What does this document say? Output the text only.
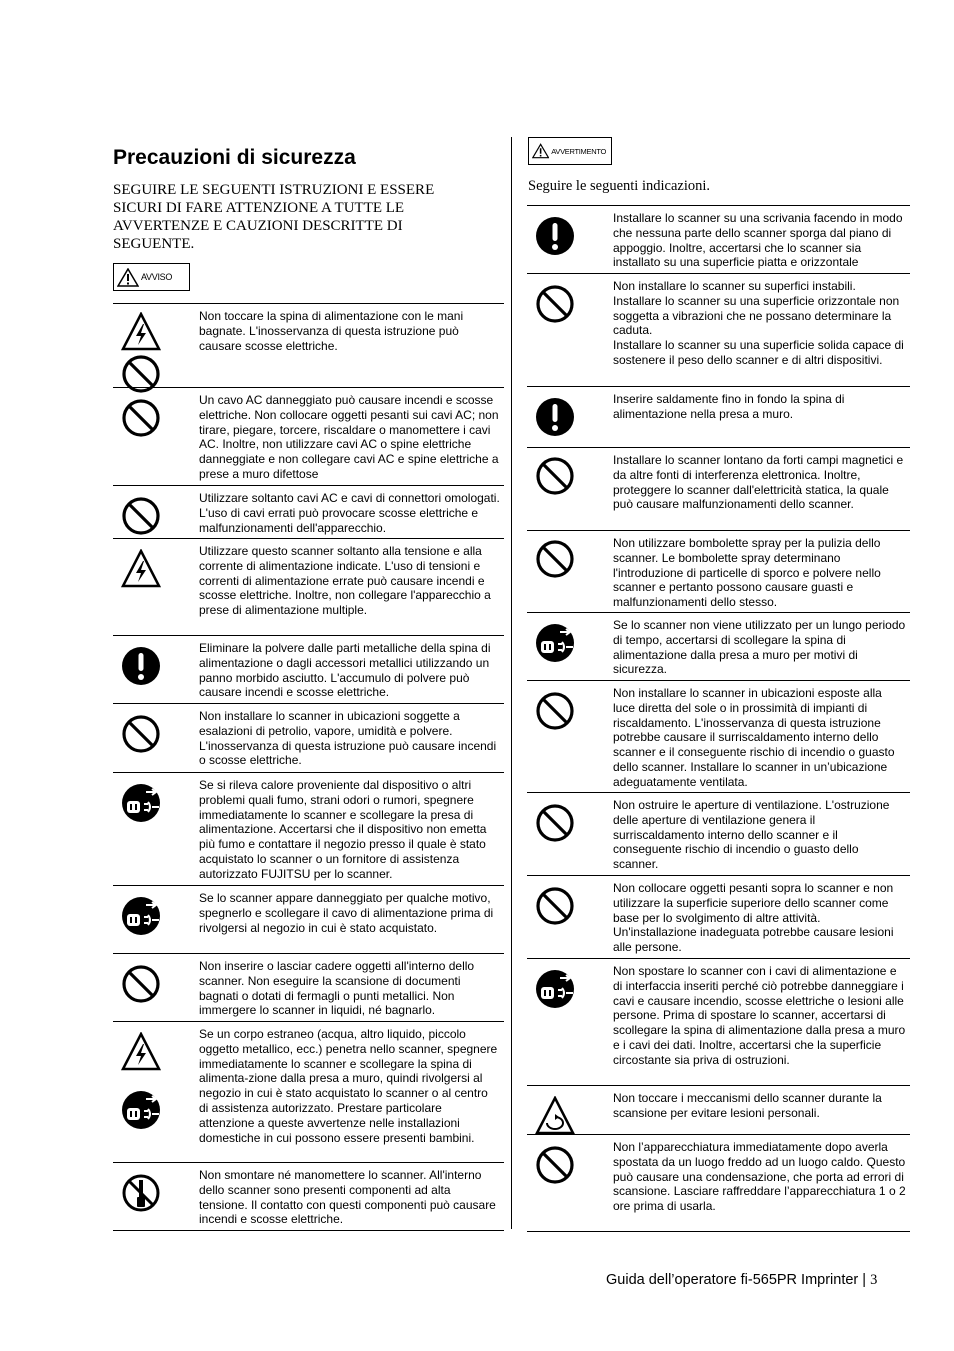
Precauzioni di sicurezza

SEGUIRE LE SEGUENTI ISTRUZIONI E ESSERE SICURI DI FARE ATTENZIONE A TUTTE LE AVVERTENZE E CAUZIONI DESCRITTE DI SEGUENTE.

AVVISO
Non toccare la spina di alimentazione con le mani bagnate. L'inosservanza di questa istruzione può causare scosse elettriche.
Un cavo AC danneggiato può causare incendi e scosse elettriche. Non collocare oggetti pesanti sui cavi AC; non tirare, piegare, torcere, riscaldare o manomettere i cavi AC. Inoltre, non utilizzare cavi AC o spine elettriche danneggiate e non collegare cavi AC e spine elettriche a prese a muro difettose
Utilizzare soltanto cavi AC e cavi di connettori omologati. L'uso di cavi errati può provocare scosse elettriche e malfunzionamenti dell'apparecchio.
Utilizzare questo scanner soltanto alla tensione e alla corrente di alimentazione indicate. L'uso di tensioni e correnti di alimentazione errate può causare incendi e scosse elettriche. Inoltre, non collegare l'apparecchio a prese di alimentazione multiple.
Eliminare la polvere dalle parti metalliche della spina di alimentazione o dagli accessori metallici utilizzando un panno morbido asciutto. L'accumulo di polvere può causare incendi e scosse elettriche.
Non installare lo scanner in ubicazioni soggette a esalazioni di petrolio, vapore, umidità e polvere. L'inosservanza di questa istruzione può causare incendi o scosse elettriche.
Se si rileva calore proveniente dal dispositivo o altri problemi quali fumo, strani odori o rumori, spegnere immediatamente lo scanner e scollegare la presa di alimentazione. Accertarsi che il dispositivo non emetta più fumo e contattare il negozio presso il quale è stato acquistato lo scanner o un fornitore di assistenza autorizzato FUJITSU per lo scanner.
Se lo scanner appare danneggiato per qualche motivo, spegnerlo e scollegare il cavo di alimentazione prima di rivolgersi al negozio in cui è stato acquistato.
Non inserire o lasciar cadere oggetti all'interno dello scanner. Non eseguire la scansione di documenti bagnati o dotati di fermagli o punti metallici. Non immergere lo scanner in liquidi, né bagnarlo.
Se un corpo estraneo (acqua, altro liquido, piccolo oggetto metallico, ecc.) penetra nello scanner, spegnere immediatamente lo scanner e scollegare la spina di alimenta-zione dalla presa a muro, quindi rivolgersi al negozio in cui è stato acquistato lo scanner o al centro di assistenza autorizzato. Prestare particolare attenzione a queste avvertenze nelle installazioni domestiche in cui possono essere presenti bambini.
Non smontare né manomettere lo scanner. All'interno dello scanner sono presenti componenti ad alta tensione. Il contatto con questi componenti può causare incendi e scosse elettriche.
AVVERTIMENTO

Seguire le seguenti indicazioni.

Installare lo scanner su una scrivania facendo in modo che nessuna parte dello scanner sporga dal piano di appoggio. Inoltre, accertarsi che lo scanner sia installato su una superficie piatta e orizzontale
Non installare lo scanner su superfici instabili. Installare lo scanner su una superficie orizzontale non soggetta a vibrazioni che ne possano determinare la caduta.
Installare lo scanner su una superficie solida capace di sostenere il peso dello scanner e di altri dispositivi.
Inserire saldamente fino in fondo la spina di alimentazione nella presa a muro.
Installare lo scanner lontano da forti campi magnetici e da altre fonti di interferenza elettronica. Inoltre, proteggere lo scanner dall'elettricità statica, la quale può causare malfunzionamenti dello scanner.
Non utilizzare bombolette spray per la pulizia dello scanner. Le bombolette spray determinano l'introduzione di particelle di sporco e polvere nello scanner e pertanto possono causare guasti e malfunzionamenti dello stesso.
Se lo scanner non viene utilizzato per un lungo periodo di tempo, accertarsi di scollegare la spina di alimentazione dalla presa a muro per motivi di sicurezza.
Non installare lo scanner in ubicazioni esposte alla luce diretta del sole o in prossimità di impianti di riscaldamento. L'inosservanza di questa istruzione potrebbe causare il surriscaldamento interno dello scanner e il conseguente rischio di incendio o guasto dello scanner. Installare lo scanner in un’ubicazione adeguatamente ventilata.
Non ostruire le aperture di ventilazione. L'ostruzione delle aperture di ventilazione genera il surriscaldamento interno dello scanner e il conseguente rischio di incendio o guasto dello scanner.
Non collocare oggetti pesanti sopra lo scanner e non utilizzare la superficie superiore dello scanner come base per lo svolgimento di altre attività. Un'installazione inadeguata potrebbe causare lesioni alle persone.
Non spostare lo scanner con i cavi di alimentazione e di interfaccia inseriti perché ciò potrebbe danneggiare i cavi e causare incendio, scosse elettriche o lesioni alle persone. Prima di spostare lo scanner, accertarsi di scollegare la spina di alimentazione dalla presa a muro e i cavi dei dati. Inoltre, accertarsi che la superficie circostante sia priva di ostruzioni.
Non toccare i meccanismi dello scanner durante la scansione per evitare lesioni personali.
Non l’apparecchiatura immediatamente dopo averla spostata da un luogo freddo ad un luogo caldo. Questo può causare una condensazione, che porta ad errori di scansione. Lasciare raffreddare l’apparecchiatura 1 o 2 ore prima di usarla.
Guida dell’operatore fi-565PR Imprinter | 3
